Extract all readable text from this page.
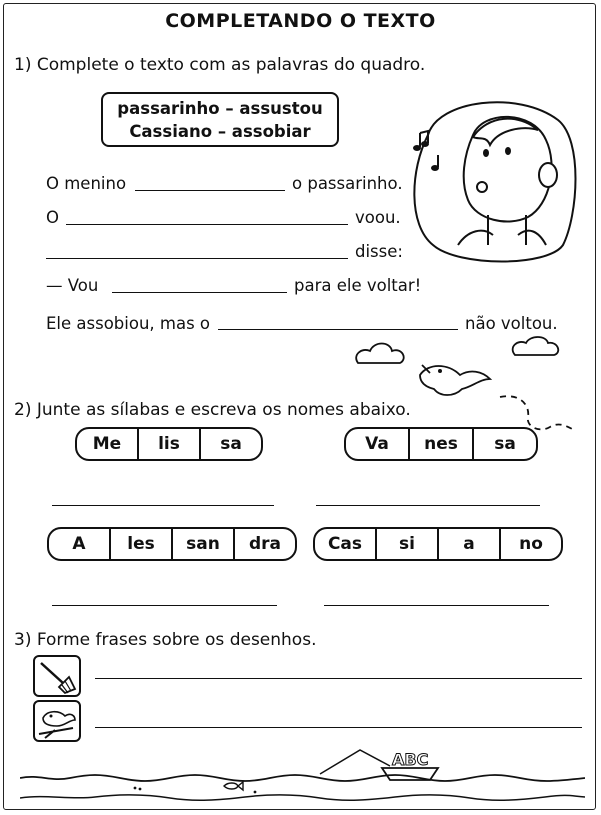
COMPLETANDO O TEXTO
1) Complete o texto com as palavras do quadro.
passarinho – assustou
Cassiano – assobiar
O menino	o passarinho.
O	voou.
disse:
— Vou	para ele voltar!
Ele assobiou, mas o	não voltou.
2) Junte as sílabas e escreva os nomes abaixo.
Me	lis	sa	Va	nes	sa
A	les	san	dra	Cas	si	a	no
3) Forme frases sobre os desenhos.
ABC
